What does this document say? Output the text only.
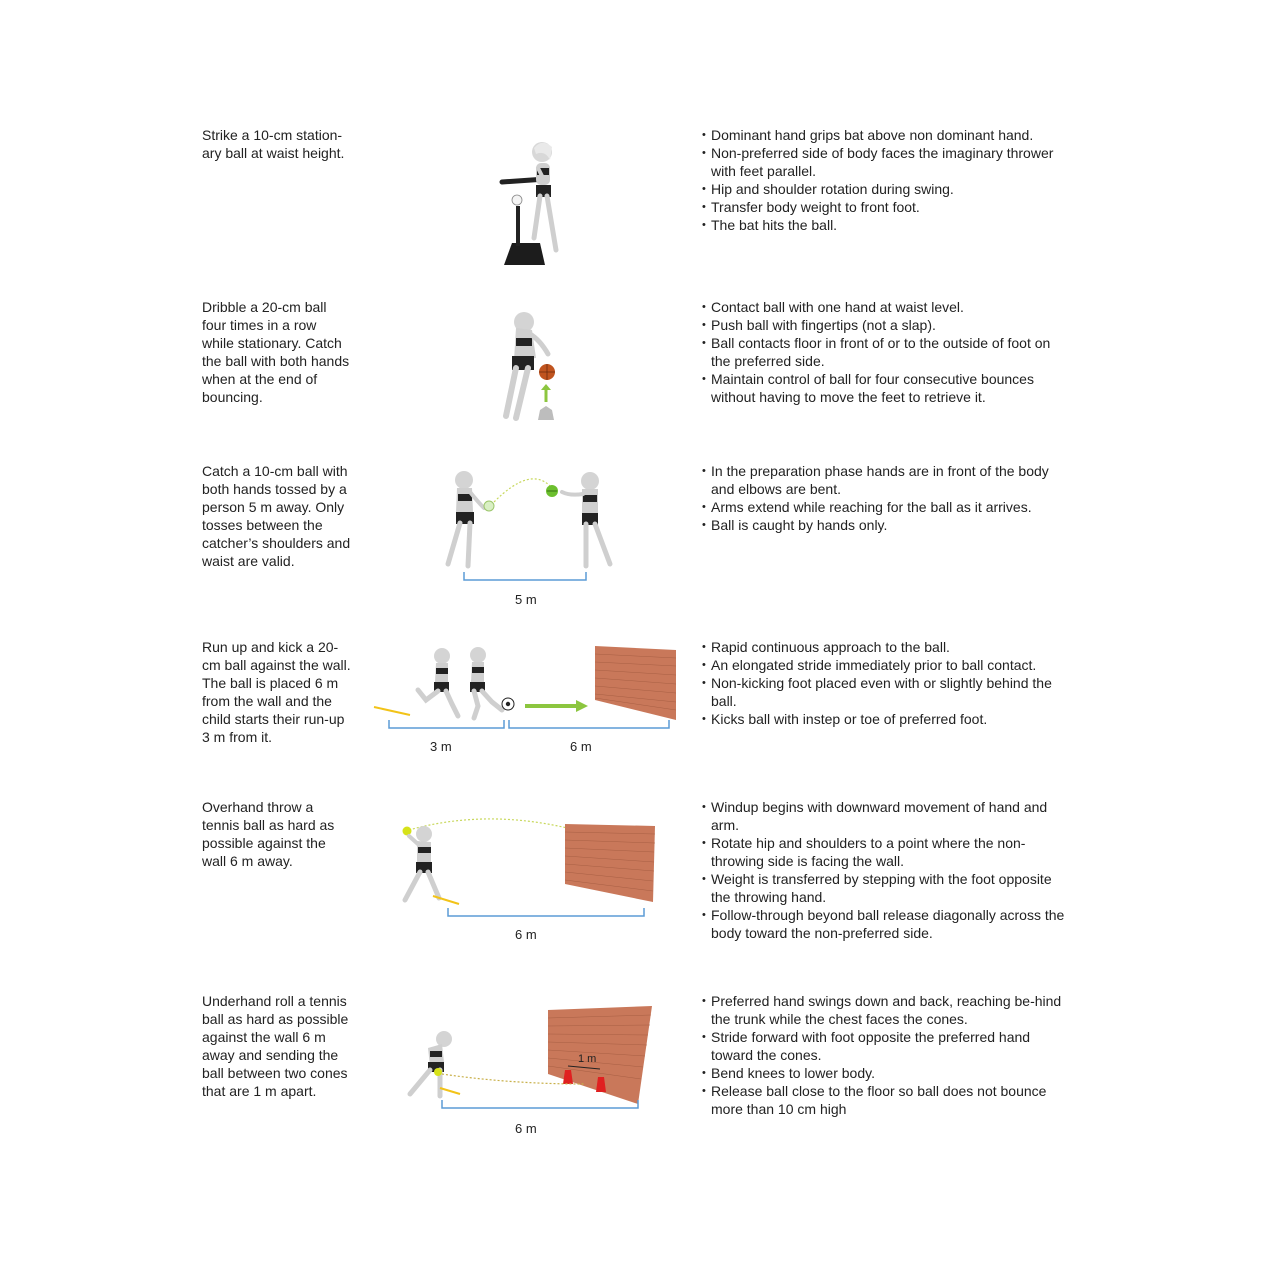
Strike a 10-cm station-
ary ball at waist height.
• Dominant hand grips bat above non dominant hand.
• Non-preferred side of body faces the imaginary thrower with feet parallel.
• Hip and shoulder rotation during swing.
• Transfer body weight to front foot.
• The bat hits the ball.
Dribble a 20-cm ball
four times in a row
while stationary. Catch
the ball with both hands
when at the end of
bouncing.
• Contact ball with one hand at waist level.
• Push ball with fingertips (not a slap).
• Ball contacts floor in front of or to the outside of foot on the preferred side.
• Maintain control of ball for four consecutive bounces without having to move the feet to retrieve it.
Catch a 10-cm ball with
both hands tossed by a
person 5 m away. Only
tosses between the
catcher’s shoulders and
waist are valid.
5 m
• In the preparation phase hands are in front of the body and elbows are bent.
• Arms extend while reaching for the ball as it arrives.
• Ball is caught by hands only.
Run up and kick a 20-
cm ball against the wall.
The ball is placed 6 m
from the wall and the
child starts their run-up
3 m from it.
3 m	6 m
• Rapid continuous approach to the ball.
• An elongated stride immediately prior to ball contact.
• Non-kicking foot placed even with or slightly behind the ball.
• Kicks ball with instep or toe of preferred foot.
Overhand throw a
tennis ball as hard as
possible against the
wall 6 m away.
6 m
• Windup begins with downward movement of hand and arm.
• Rotate hip and shoulders to a point where the non-throwing side is facing the wall.
• Weight is transferred by stepping with the foot opposite the throwing hand.
• Follow-through beyond ball release diagonally across the body toward the non-preferred side.
Underhand roll a tennis
ball as hard as possible
against the wall 6 m
away and sending the
ball between two cones
that are 1 m apart.
1 m
6 m
• Preferred hand swings down and back, reaching be-hind the trunk while the chest faces the cones.
• Stride forward with foot opposite the preferred hand toward the cones.
• Bend knees to lower body.
• Release ball close to the floor so ball does not bounce more than 10 cm high
